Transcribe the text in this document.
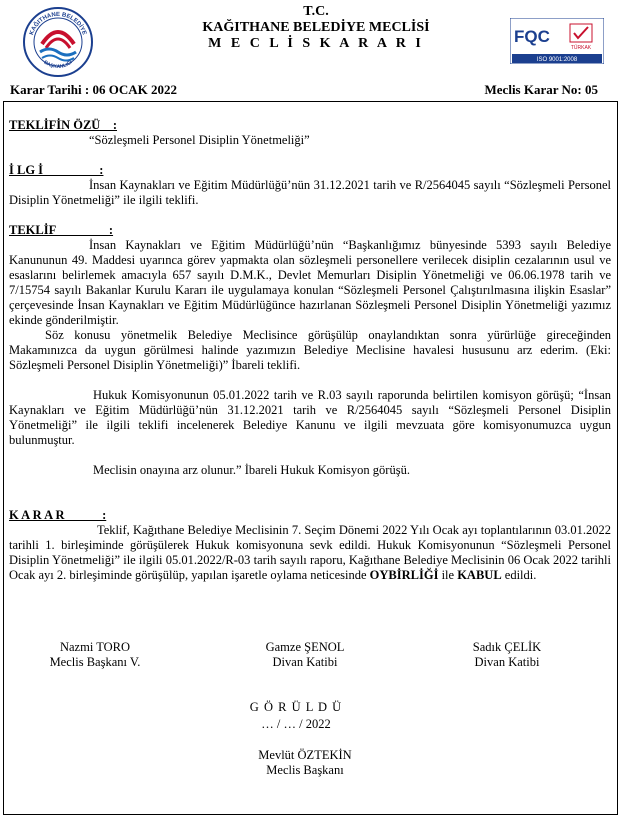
KAĞITHANE BELEDİYE
BAŞKANLIĞI
T.C.
KAĞITHANE BELEDİYE MECLİSİ
M E C L İ S K A R A R I	FQC
TÜRKAK
ISO 9001:2008
Karar Tarihi : 06 OCAK 2022	Meclis Karar No: 05
TEKLİFİN ÖZÜ    :
“Sözleşmeli Personel Disiplin Yönetmeliği”
İ LG İ                  :

İnsan Kaynakları ve Eğitim Müdürlüğü’nün 31.12.2021 tarih ve R/2564045 sayılı “Sözleşmeli Personel Disiplin Yönetmeliği” ile ilgili teklifi.

TEKLİF                 :

İnsan Kaynakları ve Eğitim Müdürlüğü’nün “Başkanlığımız bünyesinde 5393 sayılı Belediye Kanununun 49. Maddesi uyarınca görev yapmakta olan sözleşmeli personellere verilecek disiplin cezalarının usul ve esaslarını belirlemek amacıyla 657 sayılı D.M.K., Devlet Memurları Disiplin Yönetmeliği ve 06.06.1978 tarih ve 7/15754 sayılı Bakanlar Kurulu Kararı ile uygulamaya konulan “Sözleşmeli Personel Çalıştırılmasına ilişkin Esaslar” çerçevesinde İnsan Kaynakları ve Eğitim Müdürlüğünce hazırlanan Sözleşmeli Personel Disiplin Yönetmeliği yazımız ekinde gönderilmiştir.

Söz konusu yönetmelik Belediye Meclisince görüşülüp onaylandıktan sonra yürürlüğe gireceğinden Makamınızca da uygun görülmesi halinde yazımızın Belediye Meclisine havalesi hususunu arz ederim. (Eki: Sözleşmeli Personel Disiplin Yönetmeliği)” İbareli teklifi.

Hukuk Komisyonunun 05.01.2022 tarih ve R.03 sayılı raporunda belirtilen komisyon görüşü; “İnsan Kaynakları ve Eğitim Müdürlüğü’nün 31.12.2021 tarih ve R/2564045 sayılı “Sözleşmeli Personel Disiplin Yönetmeliği” ile ilgili teklifi incelenerek Belediye Kanunu ve ilgili mevzuata göre komisyonumuzca uygun bulunmuştur.

Meclisin onayına arz olunur.” İbareli Hukuk Komisyon görüşü.

K A R A R            :

Teklif, Kağıthane Belediye Meclisinin 7. Seçim Dönemi 2022 Yılı Ocak ayı toplantılarının 03.01.2022 tarihli 1. birleşiminde görüşülerek Hukuk komisyonuna sevk edildi. Hukuk Komisyonunun “Sözleşmeli Personel Disiplin Yönetmeliği” ile ilgili 05.01.2022/R-03 tarih sayılı raporu, Kağıthane Belediye Meclisinin 06 Ocak 2022 tarihli Ocak ayı 2. birleşiminde görüşülüp, yapılan işaretle oylama neticesinde OYBİRLİĞİ ile KABUL edildi.

Nazmi TORO
Meclis Başkanı V.
Gamze ŞENOL
Divan Katibi
Sadık ÇELİK
Divan Katibi
G Ö R Ü L D Ü
… / … / 2022
Mevlüt ÖZTEKİN
Meclis Başkanı
